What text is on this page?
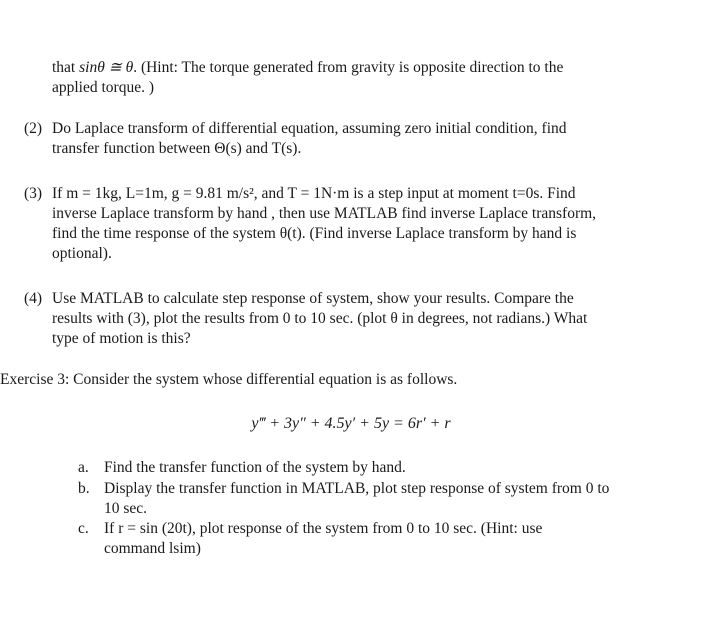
that sinθ ≅ θ. (Hint: The torque generated from gravity is opposite direction to the
applied torque. )
(2) Do Laplace transform of differential equation, assuming zero initial condition, find
transfer function between Θ(s) and T(s).
(3) If m = 1kg, L=1m, g = 9.81 m/s², and T = 1N·m is a step input at moment t=0s. Find
inverse Laplace transform by hand , then use MATLAB find inverse Laplace transform,
find the time response of the system θ(t). (Find inverse Laplace transform by hand is
optional).
(4) Use MATLAB to calculate step response of system, show your results. Compare the
results with (3), plot the results from 0 to 10 sec. (plot θ in degrees, not radians.) What
type of motion is this?
Exercise 3: Consider the system whose differential equation is as follows.
y‴ + 3y″ + 4.5y′ + 5y = 6r′ + r
a. Find the transfer function of the system by hand.
b. Display the transfer function in MATLAB, plot step response of system from 0 to
10 sec.
c. If r = sin (20t), plot response of the system from 0 to 10 sec. (Hint: use
command lsim)
